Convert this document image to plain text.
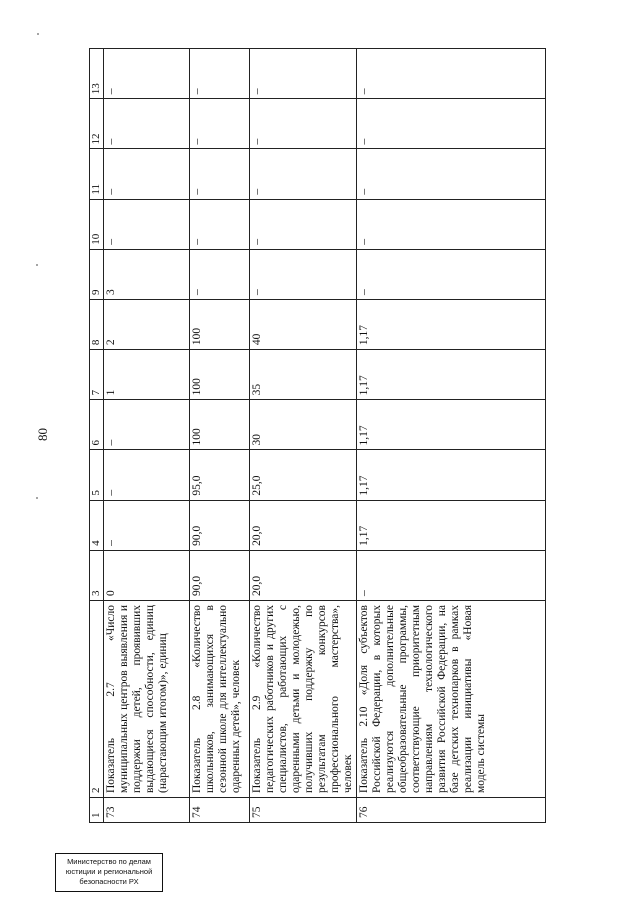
80
1	2	3	4	5	6	7	8	9	10	11	12	13
73	Показатель 2.7 «Число муниципальных центров выявления и поддержки детей, проявивших выдающиеся способности, единиц (нарастающим итогом)», единиц	0	–	–	–	1	2	3	–	–	–	–
74	Показатель 2.8 «Количество школьников, занимающихся в сезонной школе для интеллектуально одаренных детей», человек	90,0	90,0	95,0	100	100	100	–	–	–	–	–
75	Показатель 2.9 «Количество педагогических работников и других специалистов, работающих с одаренными детьми и молодежью, получивших поддержку по результатам конкурсов профессионального мастерства», человек	20,0	20,0	25,0	30	35	40	–	–	–	–	–
76	Показатель 2.10 «Доля субъектов Российской Федерации, в которых реализуются дополнительные общеобразовательные программы, соответствующие приоритетным направлениям технологического развития Российской Федерации, на базе детских технопарков в рамках реализации инициативы «Новая модель системы	–	1,17	1,17	1,17	1,17	1,17	–	–	–	–	–
Министерство по делам
юстиции и региональной
безопасности РХ
